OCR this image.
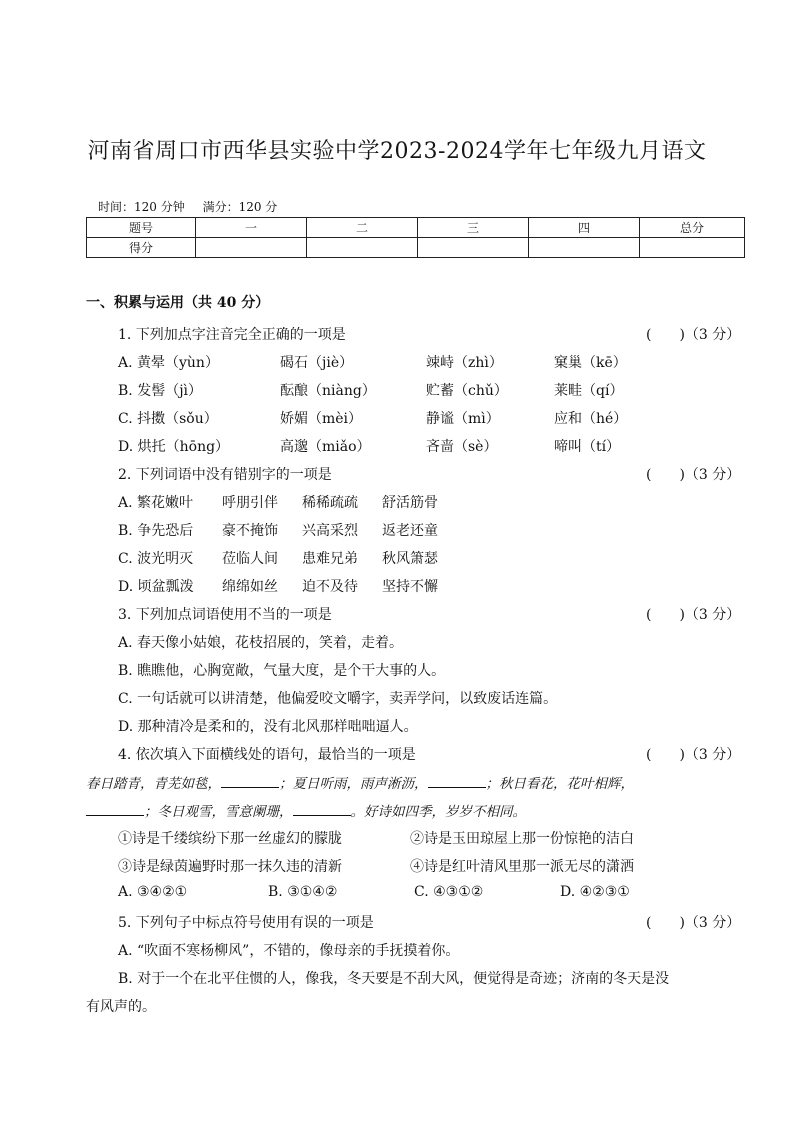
河南省周口市西华县实验中学2023-2024学年七年级九月语文
时间：120 分钟 满分：120 分
题号	一	二	三	四	总分
得分					
一、积累与运用（共 40 分）
1. 下列加点字注音完全正确的一项是	(　　)（3 分）
A. 黄晕（yùn）	碣石（jiè）	竦峙（zhì）	窠巢（kē）
B. 发髻（jì）	酝酿（niàng）	贮蓄（chǔ）	莱畦（qí）
C. 抖擞（sǒu）	娇媚（mèi）	静谧（mì）	应和（hé）
D. 烘托（hōng）	高邈（miǎo）	吝啬（sè）	啼叫（tí）
2. 下列词语中没有错别字的一项是	(　　)（3 分）
A. 繁花嫩叶 呼朋引伴 稀稀疏疏 舒活筋骨
B. 争先恐后 豪不掩饰 兴高采烈 返老还童
C. 波光明灭 莅临人间 患难兄弟 秋风箫瑟
D. 顷盆瓢泼 绵绵如丝 迫不及待 坚持不懈
3. 下列加点词语使用不当的一项是	(　　)（3 分）
A. 春天像小姑娘，花枝招展的，笑着，走着。
B. 瞧瞧他，心胸宽敞，气量大度，是个干大事的人。
C. 一句话就可以讲清楚，他偏爱咬文嚼字，卖弄学问，以致废话连篇。
D. 那种清冷是柔和的，没有北风那样咄咄逼人。
4. 依次填入下面横线处的语句，最恰当的一项是	(　　)（3 分）
春日踏青，青芜如毯，	；夏日听雨，雨声淅沥，	；秋日看花，花叶相辉，
；冬日观雪，雪意阑珊，	。好诗如四季，岁岁不相同。
①诗是千缕缤纷下那一丝虚幻的朦胧	②诗是玉田琼屋上那一份惊艳的洁白
③诗是绿茵遍野时那一抹久违的清新	④诗是红叶清风里那一派无尽的潇洒
A. ③④②①	B. ③①④②	C. ④③①②	D. ④②③①
5. 下列句子中标点符号使用有误的一项是	(　　)（3 分）
A. “吹面不寒杨柳风”，不错的，像母亲的手抚摸着你。
B. 对于一个在北平住惯的人，像我，冬天要是不刮大风，便觉得是奇迹；济南的冬天是没
有风声的。
